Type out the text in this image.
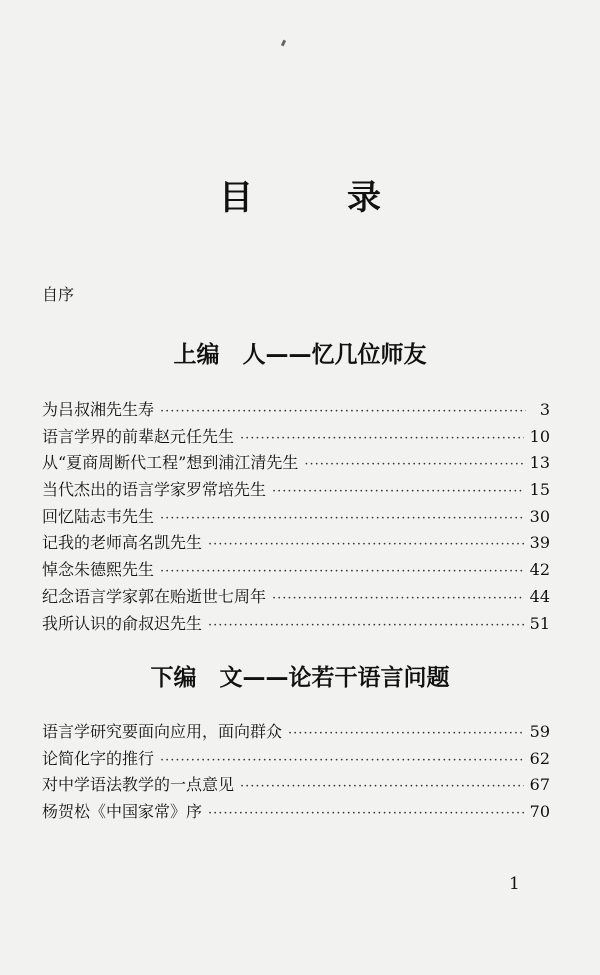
目　录
自序
上编　人——忆几位师友
为吕叔湘先生寿 ·····	3
语言学界的前辈赵元任先生 ·····	10
从“夏商周断代工程”想到浦江清先生 ·····	13
当代杰出的语言学家罗常培先生 ·····	15
回忆陆志韦先生 ·····	30
记我的老师高名凯先生 ·····	39
悼念朱德熙先生 ·····	42
纪念语言学家郭在贻逝世七周年 ·····	44
我所认识的俞叔迟先生 ·····	51
下编　文——论若干语言问题
语言学研究要面向应用，面向群众 ·····	59
论简化字的推行 ·····	62
对中学语法教学的一点意见 ·····	67
杨贺松《中国家常》序 ·····	70
1
